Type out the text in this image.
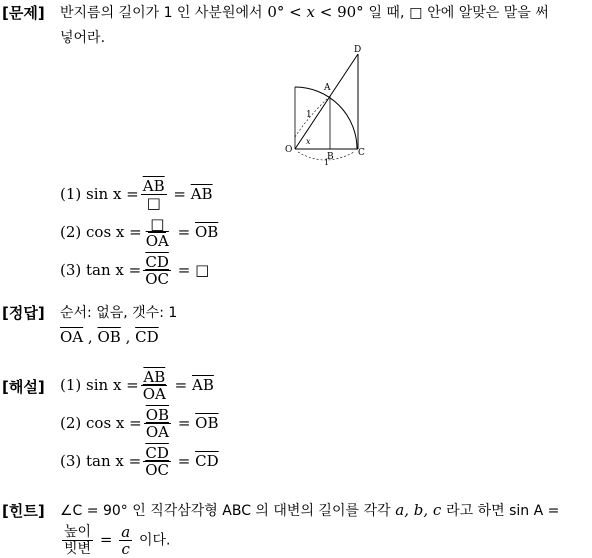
[문제] 반지름의 길이가 1 인 사분원에서 0° < x < 90° 일 때, □ 안에 알맞은 말을 써
넣어라.
D
A
1
O
x
B	C
1
(1) $\sin x = \frac{\overline{AB}}{□} = \overline{AB}$
(2) $\cos x = \frac{□}{OA} = \overline{OB}$
(3) $\tan x = \frac{\overline{CD}}{OC}$ = □
[정답] 순서: 없음, 갯수: 1
$\overline{OA}$ , $\overline{OB}$ , $\overline{CD}$
[해설] (1) $\sin x = \frac{\overline{AB}}{OA} = \overline{AB}$
(2) $\cos x = \frac{\overline{OB}}{OA} = \overline{OB}$
(3) $\tan x = \frac{\overline{CD}}{OC} = \overline{CD}$
[힌트] ∠C = 90° 인 직각삼각형 ABC 의 대변의 길이를 각각 a, b, c 라고 하면 sin A =

$\frac{\text{높이}}{\text{빗변}} = \frac{a}{c}$ 이다.
